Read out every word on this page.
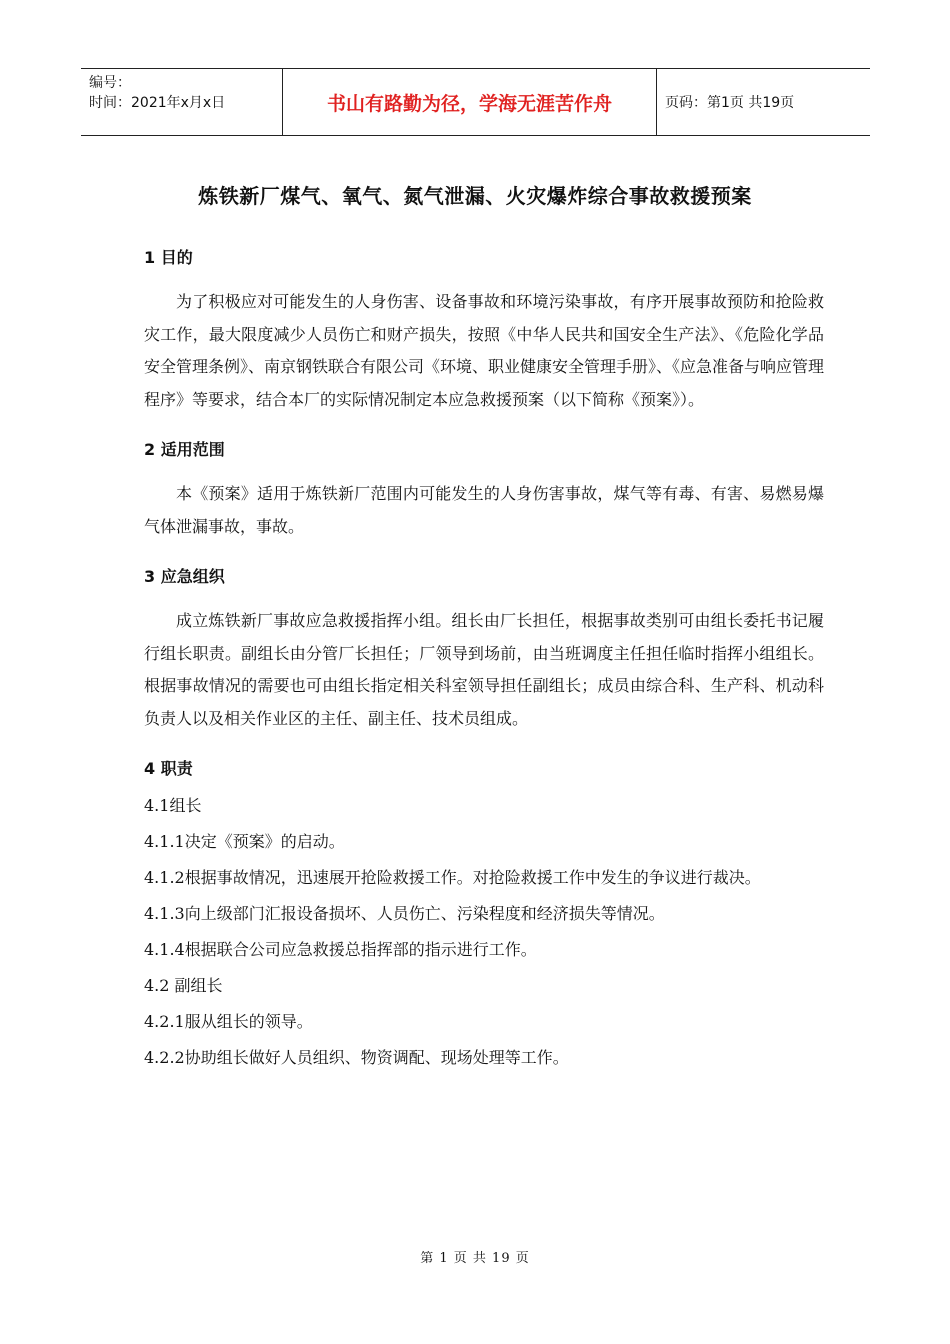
编号：
时间：2021年x月x日	书山有路勤为径，学海无涯苦作舟	页码：第1页 共19页
炼铁新厂煤气、氧气、氮气泄漏、火灾爆炸综合事故救援预案

1 目的

为了积极应对可能发生的人身伤害、设备事故和环境污染事故，有序开展事故预防和抢险救灾工作，最大限度减少人员伤亡和财产损失，按照《中华人民共和国安全生产法》、《危险化学品安全管理条例》、南京钢铁联合有限公司《环境、职业健康安全管理手册》、《应急准备与响应管理程序》等要求，结合本厂的实际情况制定本应急救援预案（以下简称《预案》）。

2 适用范围

本《预案》适用于炼铁新厂范围内可能发生的人身伤害事故，煤气等有毒、有害、易燃易爆气体泄漏事故，事故。

3 应急组织

成立炼铁新厂事故应急救援指挥小组。组长由厂长担任，根据事故类别可由组长委托书记履行组长职责。副组长由分管厂长担任；厂领导到场前，由当班调度主任担任临时指挥小组组长。根据事故情况的需要也可由组长指定相关科室领导担任副组长；成员由综合科、生产科、机动科负责人以及相关作业区的主任、副主任、技术员组成。

4 职责

4.1组长

4.1.1决定《预案》的启动。

4.1.2根据事故情况，迅速展开抢险救援工作。对抢险救援工作中发生的争议进行裁决。

4.1.3向上级部门汇报设备损坏、人员伤亡、污染程度和经济损失等情况。

4.1.4根据联合公司应急救援总指挥部的指示进行工作。

4.2 副组长

4.2.1服从组长的领导。

4.2.2协助组长做好人员组织、物资调配、现场处理等工作。

第 1 页 共 19 页
